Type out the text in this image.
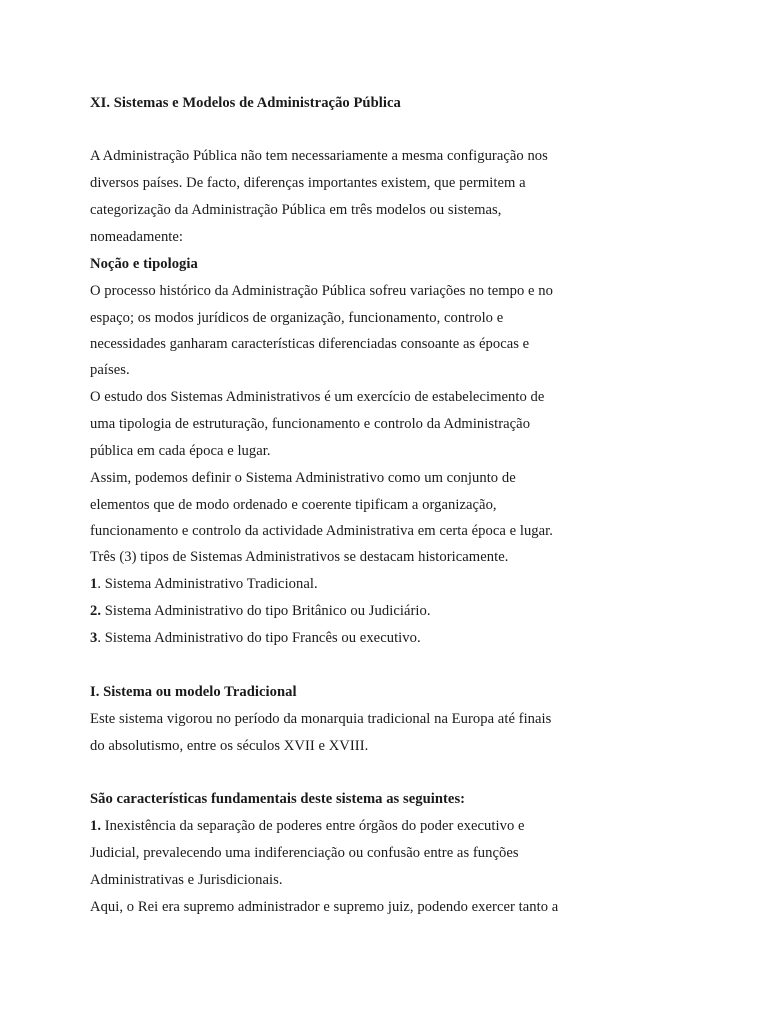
XI. Sistemas e Modelos de Administração Pública
A Administração Pública não tem necessariamente a mesma configuração nos
diversos países. De facto, diferenças importantes existem, que permitem a
categorização da Administração Pública em três modelos ou sistemas,
nomeadamente:
Noção e tipologia
O processo histórico da Administração Pública sofreu variações no tempo e no
espaço; os modos jurídicos de organização, funcionamento, controlo e
necessidades ganharam características diferenciadas consoante as épocas e
países.
O estudo dos Sistemas Administrativos é um exercício de estabelecimento de
uma tipologia de estruturação, funcionamento e controlo da Administração
pública em cada época e lugar.
Assim, podemos definir o Sistema Administrativo como um conjunto de
elementos que de modo ordenado e coerente tipificam a organização,
funcionamento e controlo da actividade Administrativa em certa época e lugar.
Três (3) tipos de Sistemas Administrativos se destacam historicamente.
1. Sistema Administrativo Tradicional.
2. Sistema Administrativo do tipo Britânico ou Judiciário.
3. Sistema Administrativo do tipo Francês ou executivo.
I. Sistema ou modelo Tradicional
Este sistema vigorou no período da monarquia tradicional na Europa até finais
do absolutismo, entre os séculos XVII e XVIII.
São características fundamentais deste sistema as seguintes:
1. Inexistência da separação de poderes entre órgãos do poder executivo e
Judicial, prevalecendo uma indiferenciação ou confusão entre as funções
Administrativas e Jurisdicionais.
Aqui, o Rei era supremo administrador e supremo juiz, podendo exercer tanto a
